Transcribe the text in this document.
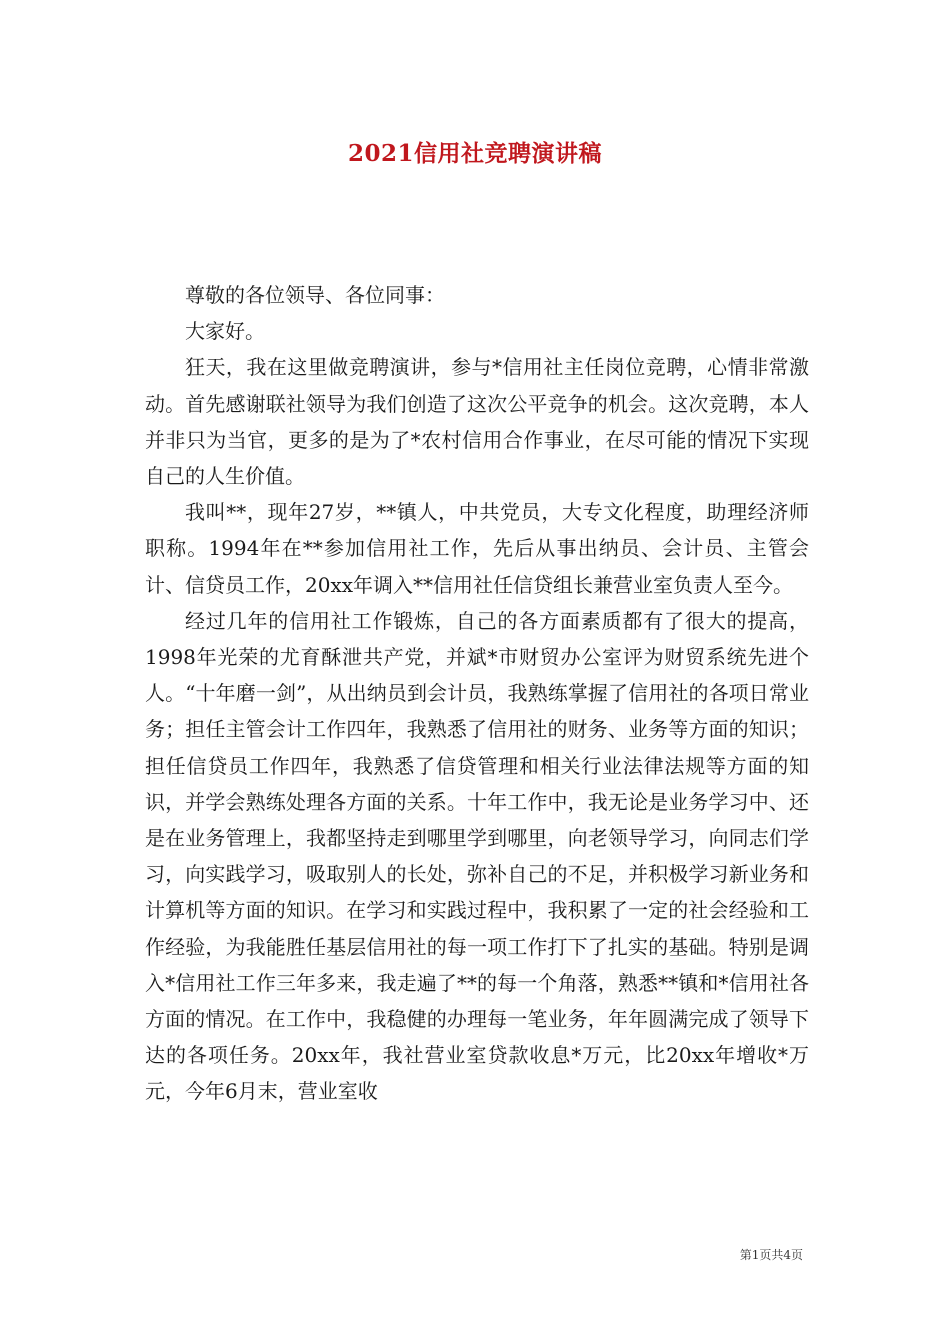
2021信用社竞聘演讲稿

尊敬的各位领导、各位同事：

大家好。

狂天，我在这里做竞聘演讲，参与*信用社主任岗位竞聘，心情非常激动。首先感谢联社领导为我们创造了这次公平竞争的机会。这次竞聘，本人并非只为当官，更多的是为了*农村信用合作事业，在尽可能的情况下实现自己的人生价值。

我叫**，现年27岁，**镇人，中共党员，大专文化程度，助理经济师职称。1994年在**参加信用社工作，先后从事出纳员、会计员、主管会计、信贷员工作，20xx年调入**信用社任信贷组长兼营业室负责人至今。

经过几年的信用社工作锻炼，自己的各方面素质都有了很大的提高，1998年光荣的尤育酥泄共产党，并斌*市财贸办公室评为财贸系统先进个人。“十年磨一剑”，从出纳员到会计员，我熟练掌握了信用社的各项日常业务；担任主管会计工作四年，我熟悉了信用社的财务、业务等方面的知识；担任信贷员工作四年，我熟悉了信贷管理和相关行业法律法规等方面的知识，并学会熟练处理各方面的关系。十年工作中，我无论是业务学习中、还是在业务管理上，我都坚持走到哪里学到哪里，向老领导学习，向同志们学习，向实践学习，吸取别人的长处，弥补自己的不足，并积极学习新业务和计算机等方面的知识。在学习和实践过程中，我积累了一定的社会经验和工作经验，为我能胜任基层信用社的每一项工作打下了扎实的基础。特别是调入*信用社工作三年多来，我走遍了**的每一个角落，熟悉**镇和*信用社各方面的情况。在工作中，我稳健的办理每一笔业务，年年圆满完成了领导下达的各项任务。20xx年，我社营业室贷款收息*万元，比20xx年增收*万元，今年6月末，营业室收

第1页共4页
